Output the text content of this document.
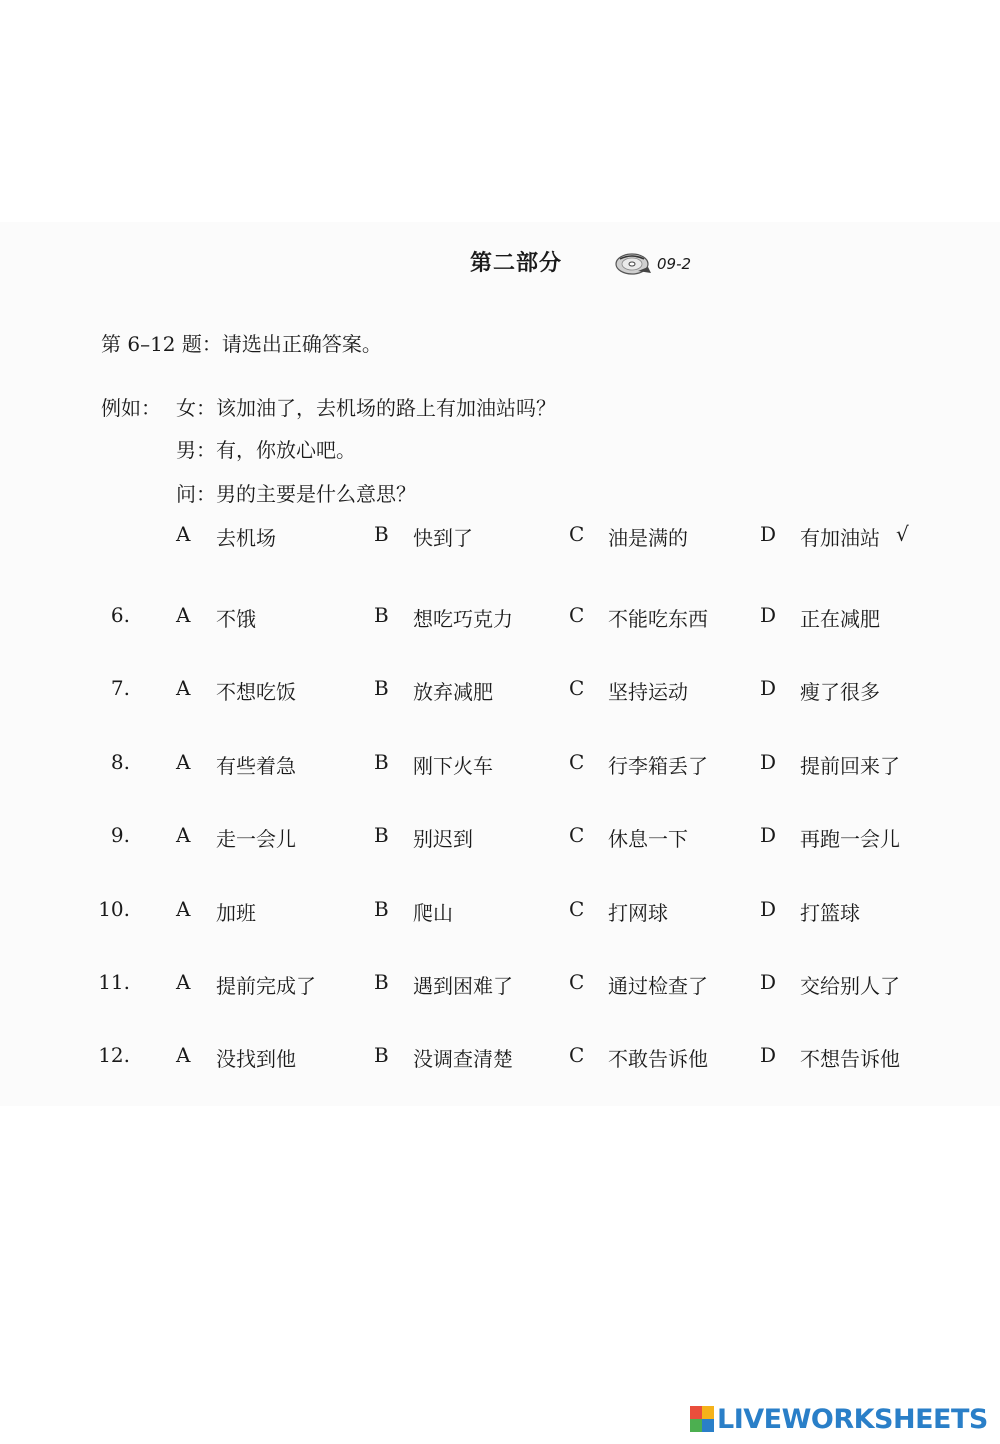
第二部分	09-2
第 6–12 题：请选出正确答案。
例如： 女：该加油了，去机场的路上有加油站吗？
男：有，你放心吧。
问：男的主要是什么意思？
A 去机场	B 快到了	C 油是满的	D 有加油站 √
6. A 不饿	B 想吃巧克力	C 不能吃东西	D 正在减肥
7. A 不想吃饭	B 放弃减肥	C 坚持运动	D 瘦了很多
8. A 有些着急	B 刚下火车	C 行李箱丢了	D 提前回来了
9. A 走一会儿	B 别迟到	C 休息一下	D 再跑一会儿
10. A 加班	B 爬山	C 打网球	D 打篮球
11. A 提前完成了	B 遇到困难了	C 通过检查了	D 交给别人了
12. A 没找到他	B 没调查清楚	C 不敢告诉他	D 不想告诉他
LIVEWORKSHEETS
